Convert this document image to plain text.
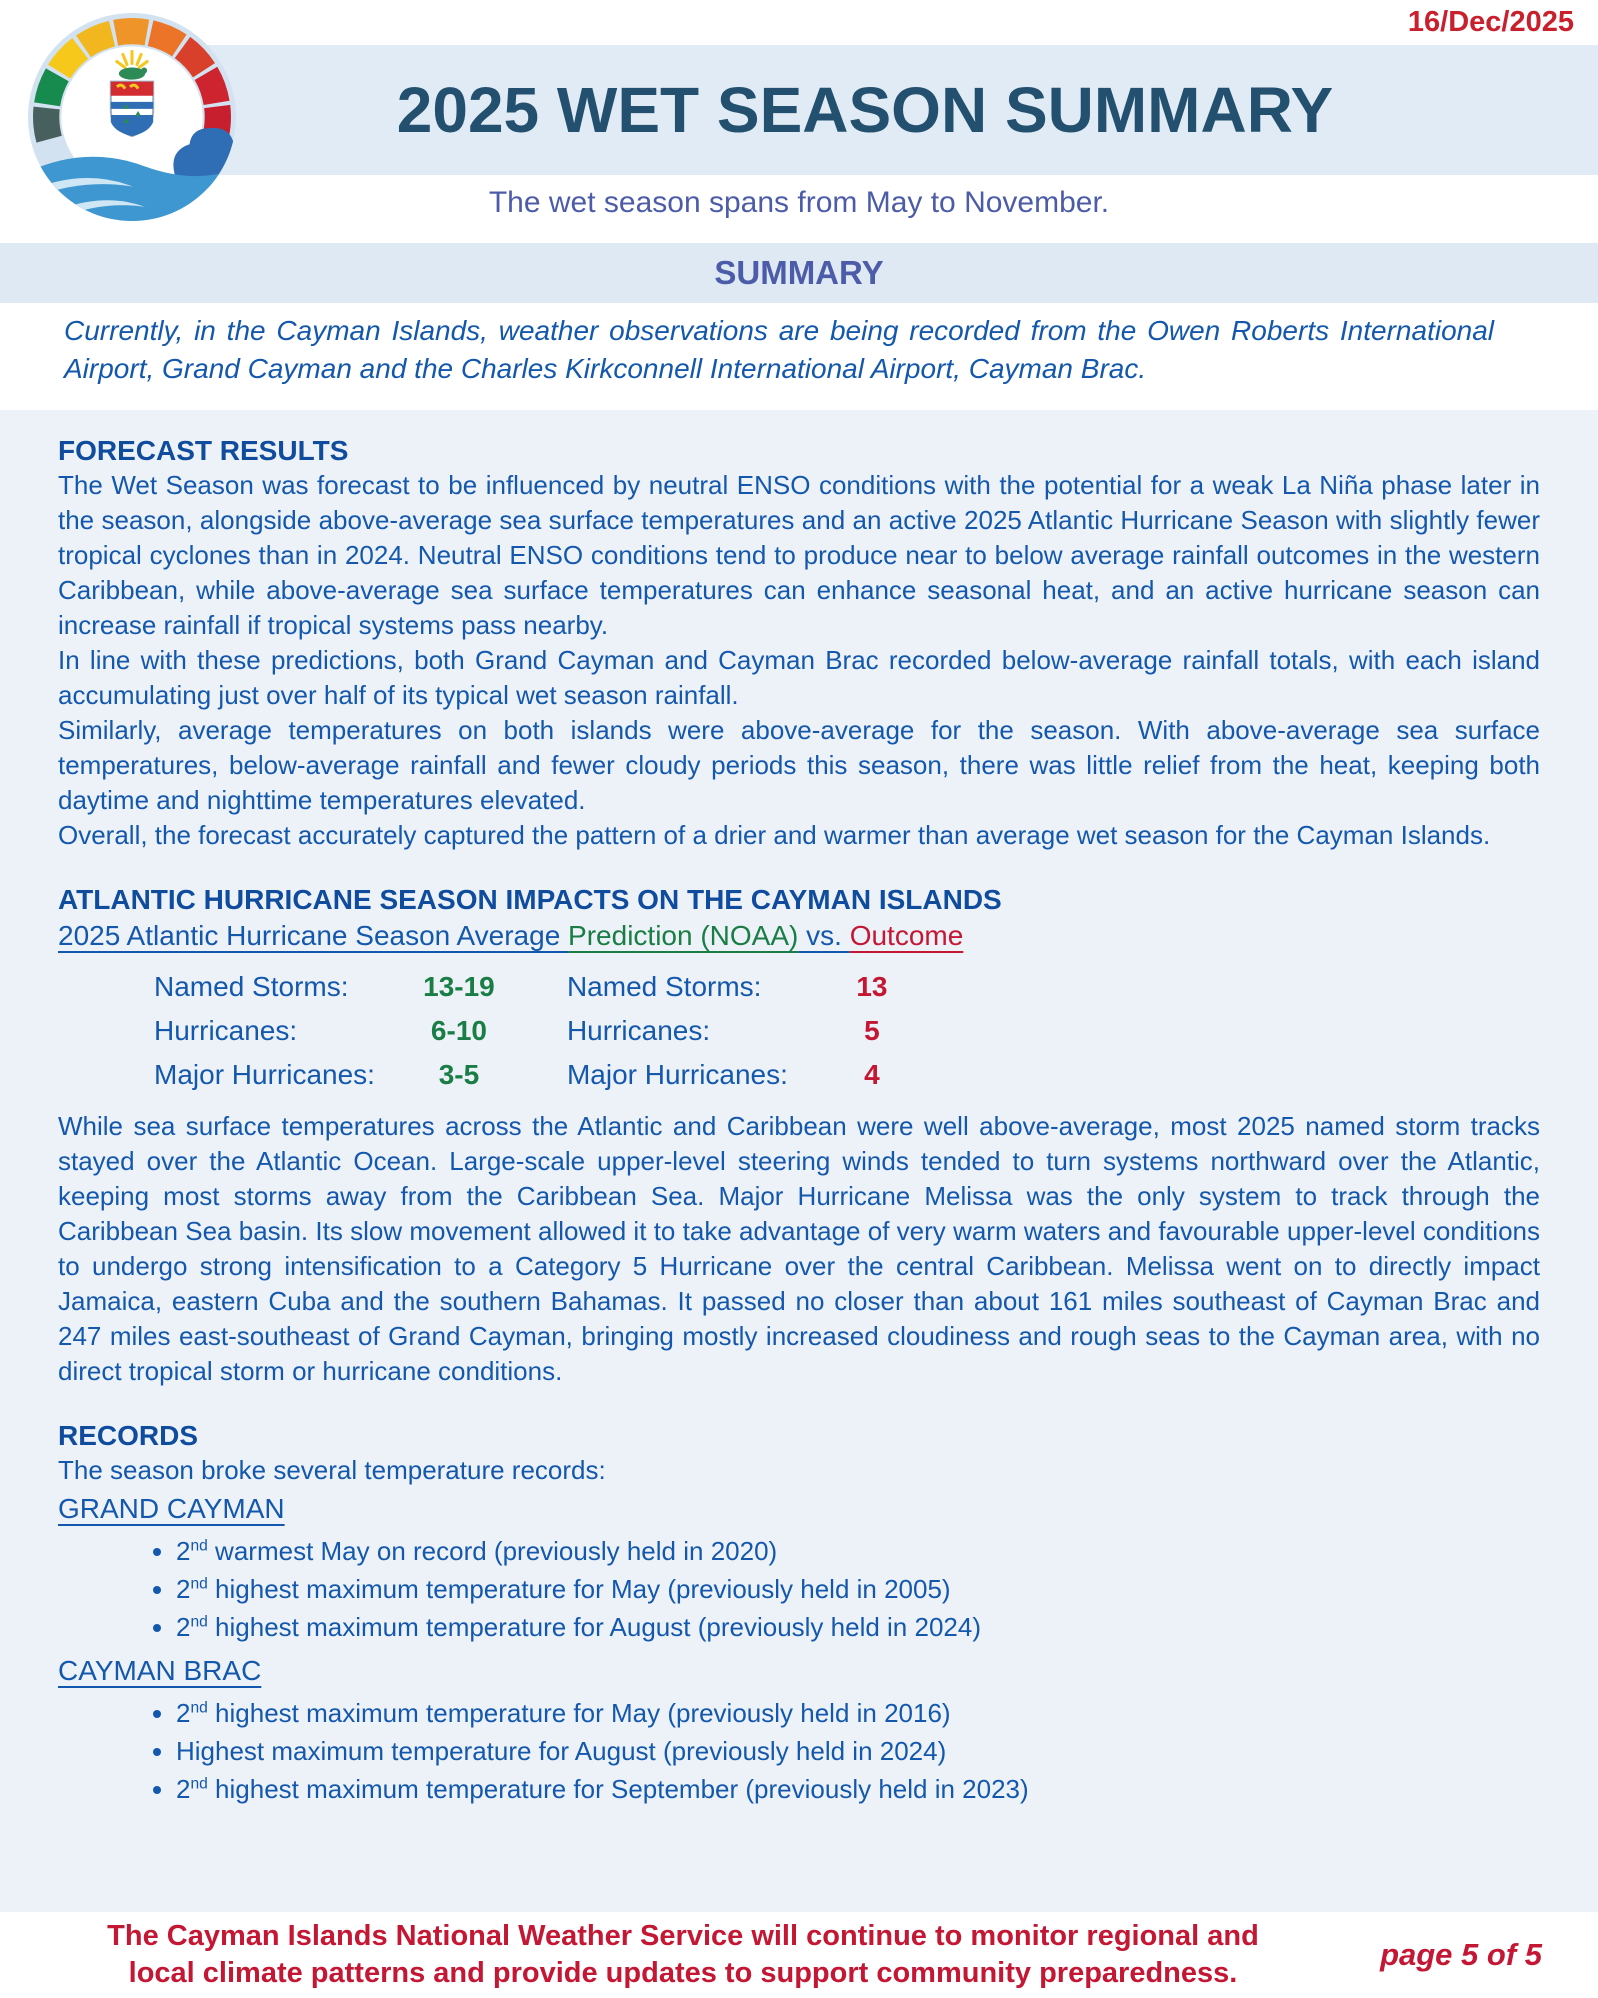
16/Dec/2025
2025 WET SEASON SUMMARY
The wet season spans from May to November.
SUMMARY
Currently, in the Cayman Islands, weather observations are being recorded from the Owen Roberts International Airport, Grand Cayman and the Charles Kirkconnell International Airport, Cayman Brac.
FORECAST RESULTS
The Wet Season was forecast to be influenced by neutral ENSO conditions with the potential for a weak La Niña phase later in the season, alongside above-average sea surface temperatures and an active 2025 Atlantic Hurricane Season with slightly fewer tropical cyclones than in 2024. Neutral ENSO conditions tend to produce near to below average rainfall outcomes in the western Caribbean, while above-average sea surface temperatures can enhance seasonal heat, and an active hurricane season can increase rainfall if tropical systems pass nearby.
In line with these predictions, both Grand Cayman and Cayman Brac recorded below-average rainfall totals, with each island accumulating just over half of its typical wet season rainfall.
Similarly, average temperatures on both islands were above-average for the season. With above-average sea surface temperatures, below-average rainfall and fewer cloudy periods this season, there was little relief from the heat, keeping both daytime and nighttime temperatures elevated.
Overall, the forecast accurately captured the pattern of a drier and warmer than average wet season for the Cayman Islands.
ATLANTIC HURRICANE SEASON IMPACTS ON THE CAYMAN ISLANDS
2025 Atlantic Hurricane Season Average Prediction (NOAA) vs. Outcome
Named Storms:	13-19
Hurricanes:	6-10
Major Hurricanes:	3-5
Named Storms:	13
Hurricanes:	5
Major Hurricanes:	4
While sea surface temperatures across the Atlantic and Caribbean were well above-average, most 2025 named storm tracks stayed over the Atlantic Ocean. Large-scale upper-level steering winds tended to turn systems northward over the Atlantic, keeping most storms away from the Caribbean Sea. Major Hurricane Melissa was the only system to track through the Caribbean Sea basin. Its slow movement allowed it to take advantage of very warm waters and favourable upper-level conditions to undergo strong intensification to a Category 5 Hurricane over the central Caribbean. Melissa went on to directly impact Jamaica, eastern Cuba and the southern Bahamas. It passed no closer than about 161 miles southeast of Cayman Brac and 247 miles east-southeast of Grand Cayman, bringing mostly increased cloudiness and rough seas to the Cayman area, with no direct tropical storm or hurricane conditions.
RECORDS
The season broke several temperature records:
GRAND CAYMAN
• 2nd warmest May on record (previously held in 2020)
• 2nd highest maximum temperature for May (previously held in 2005)
• 2nd highest maximum temperature for August (previously held in 2024)
CAYMAN BRAC
• 2nd highest maximum temperature for May (previously held in 2016)
• Highest maximum temperature for August (previously held in 2024)
• 2nd highest maximum temperature for September (previously held in 2023)
The Cayman Islands National Weather Service will continue to monitor regional and local climate patterns and provide updates to support community preparedness.
page 5 of 5
